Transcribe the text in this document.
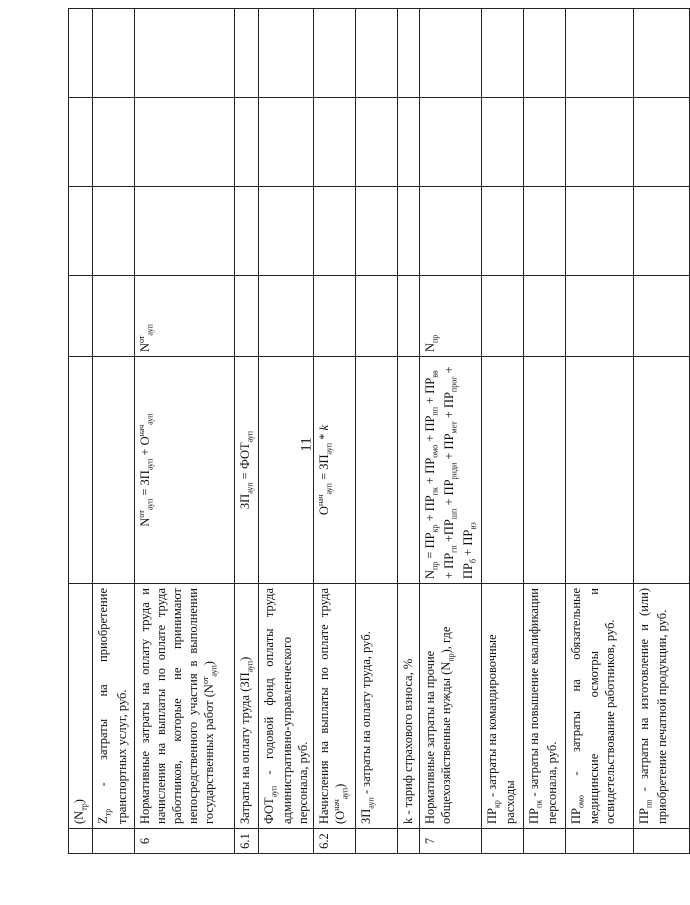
11
	$(N_{тр})$					
	$Z_{тр}$ - затраты на приобретение транспортных услуг, руб.					
6	Нормативные затраты на оплату труда и начисления на выплаты по оплате труда работников, которые не принимают непосредственного участия в выполнении государственных работ $(N^{от}_{ауп})$	$N^{от}_{ауп} = ЗП_{ауп} + О^{нач}_{ауп}$	$N^{от}_{ауп}$			
6.1	Затраты на оплату труда $(ЗП_{ауп})$	$ЗП_{ауп} = ФОТ_{ауп}$				
	$ФОТ_{ауп}$ - годовой фонд оплаты труда административно-управленческого персонала, руб.					
6.2	Начисления на выплаты по оплате труда $(О^{нач}_{ауп})$	$О^{нач}_{ауп} = ЗП_{ауп} * k$				
	$ЗП_{ауп}$ - затраты на оплату труда, руб.					
	k - тариф страхового взноса, %					
7	Нормативные затраты на прочие общехозяйственные нужды $(N_{пр})$, где	$N_{пр} = ПР_{кр} + ПР_{пк} + ПР_{омо} + ПР_{пп} + ПР_{вв} + ПР_{гп} +ПР_{шп} + ПР_{риди} + ПР_{мет} + ПР_{прог} + ПР_б + ПР_{из}$	$N_{пр}$			
	$ПР_{кр}$ - затраты на командировочные расходы					
	$ПР_{пк}$ - затраты на повышение квалификации персонала, руб.					
	$ПР_{омо}$ - затраты на обязательные медицинские осмотры и освидетельствование работников, руб.					
	$ПР_{пп}$ - затраты на изготовление и (или) приобретение печатной продукции, руб.					
